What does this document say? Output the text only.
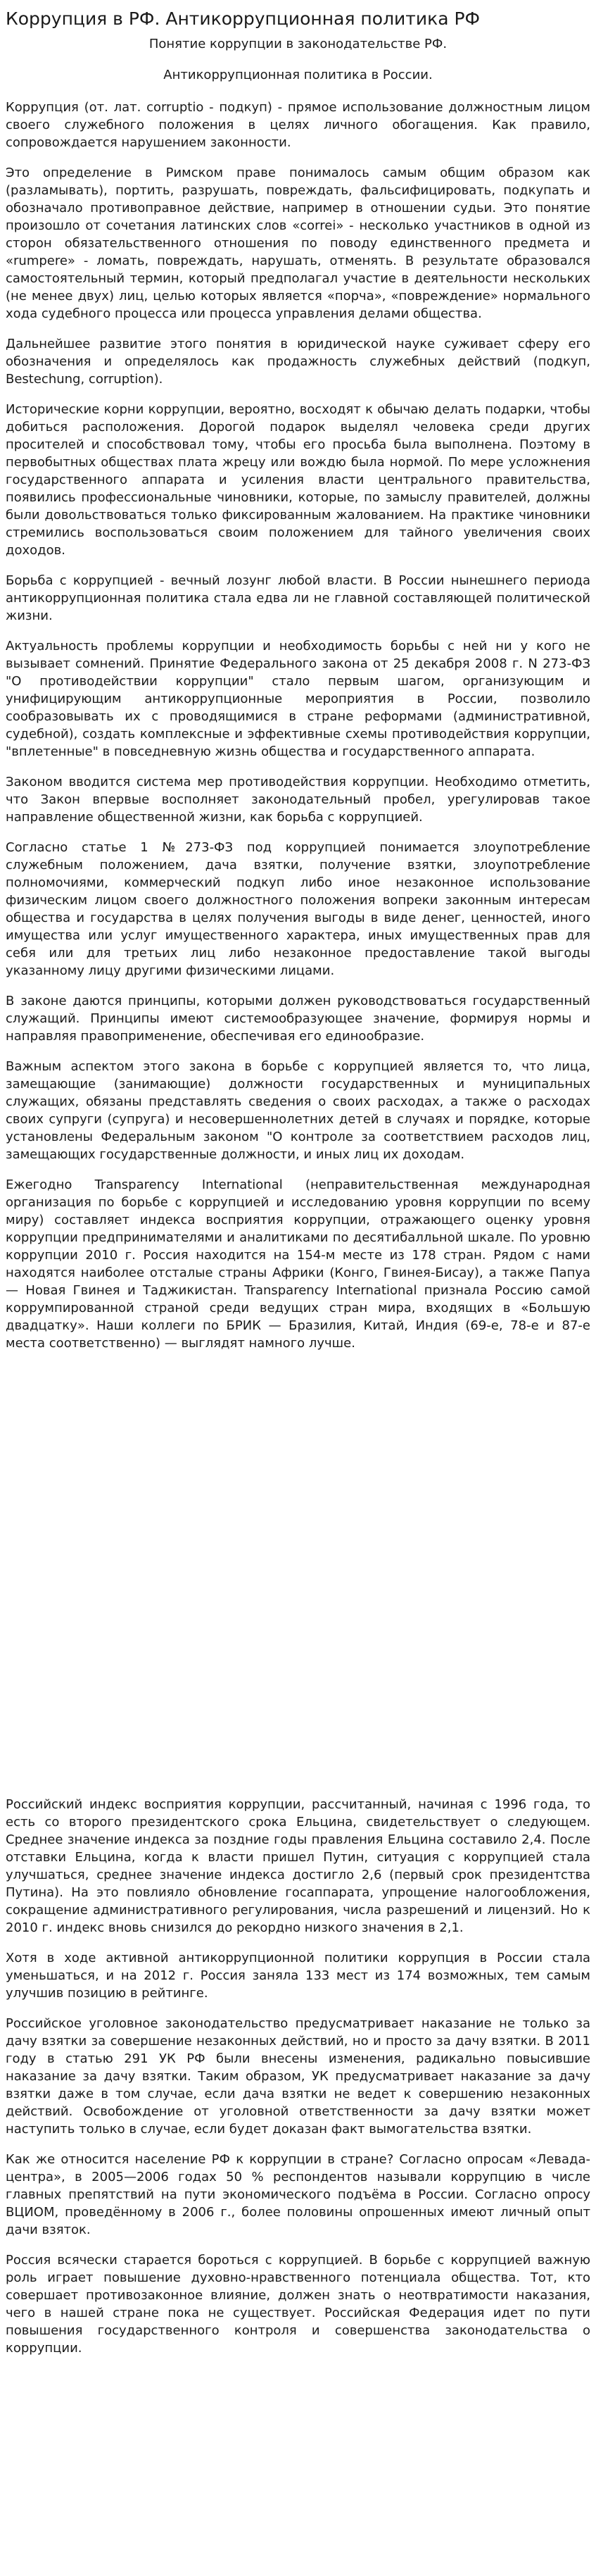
Коррупция в РФ. Антикоррупционная политика РФ
Понятие коррупции в законодательстве РФ.
Антикоррупционная политика в России.

Коррупция (от. лат. corruptio - подкуп) - прямое использование должностным лицом своего служебного положения в целях личного обогащения. Как правило, сопровождается нарушением законности.

Это определение в Римском праве понималось самым общим образом как (разламывать), портить, разрушать, повреждать, фальсифицировать, подкупать и обозначало противоправное действие, например в отношении судьи. Это понятие произошло от сочетания латинских слов «correi» - несколько участников в одной из сторон обязательственного отношения по поводу единственного предмета и «rumpere» - ломать, повреждать, нарушать, отменять. В результате образовался самостоятельный термин, который предполагал участие в деятельности нескольких (не менее двух) лиц, целью которых является «порча», «повреждение» нормального хода судебного процесса или процесса управления делами общества.

Дальнейшее развитие этого понятия в юридической науке суживает сферу его обозначения и определялось как продажность служебных действий (подкуп, Bestechung, corruption).

Исторические корни коррупции, вероятно, восходят к обычаю делать подарки, чтобы добиться расположения. Дорогой подарок выделял человека среди других просителей и способствовал тому, чтобы его просьба была выполнена. Поэтому в первобытных обществах плата жрецу или вождю была нормой. По мере усложнения государственного аппарата и усиления власти центрального правительства, появились профессиональные чиновники, которые, по замыслу правителей, должны были довольствоваться только фиксированным жалованием. На практике чиновники стремились воспользоваться своим положением для тайного увеличения своих доходов.

Борьба с коррупцией - вечный лозунг любой власти. В России нынешнего периода антикоррупционная политика стала едва ли не главной составляющей политической жизни.

Актуальность проблемы коррупции и необходимость борьбы с ней ни у кого не вызывает сомнений. Принятие Федерального закона от 25 декабря 2008 г. N 273-ФЗ "О противодействии коррупции" стало первым шагом, организующим и унифицирующим антикоррупционные мероприятия в России, позволило сообразовывать их с проводящимися в стране реформами (административной, судебной), создать комплексные и эффективные схемы противодействия коррупции, "вплетенные" в повседневную жизнь общества и государственного аппарата.

Законом вводится система мер противодействия коррупции. Необходимо отметить, что Закон впервые восполняет законодательный пробел, урегулировав такое направление общественной жизни, как борьба с коррупцией.

Согласно статье 1 №273-ФЗ под коррупцией понимается злоупотребление служебным положением, дача взятки, получение взятки, злоупотребление полномочиями, коммерческий подкуп либо иное незаконное использование физическим лицом своего должностного положения вопреки законным интересам общества и государства в целях получения выгоды в виде денег, ценностей, иного имущества или услуг имущественного характера, иных имущественных прав для себя или для третьих лиц либо незаконное предоставление такой выгоды указанному лицу другими физическими лицами.

В законе даются принципы, которыми должен руководствоваться государственный служащий. Принципы имеют системообразующее значение, формируя нормы и направляя правоприменение, обеспечивая его единообразие.

Важным аспектом этого закона в борьбе с коррупцией является то, что лица, замещающие (занимающие) должности государственных и муниципальных служащих, обязаны представлять сведения о своих расходах, а также о расходах своих супруги (супруга) и несовершеннолетних детей в случаях и порядке, которые установлены Федеральным законом "О контроле за соответствием расходов лиц, замещающих государственные должности, и иных лиц их доходам.

Ежегодно Transparency International (неправительственная международная организация по борьбе с коррупцией и исследованию уровня коррупции по всему миру) составляет индекса восприятия коррупции, отражающего оценку уровня коррупции предпринимателями и аналитиками по десятибалльной шкале. По уровню коррупции 2010 г. Россия находится на 154-м месте из 178 стран. Рядом с нами находятся наиболее отсталые страны Африки (Конго, Гвинея-Бисау), а также Папуа — Новая Гвинея и Таджикистан. Transparency International признала Россию самой коррумпированной страной среди ведущих стран мира, входящих в «Большую двадцатку». Наши коллеги по БРИК — Бразилия, Китай, Индия (69-е, 78-е и 87-е места соответственно) — выглядят намного лучше.

Российский индекс восприятия коррупции, рассчитанный, начиная с 1996 года, то есть со второго президентского срока Ельцина, свидетельствует о следующем. Среднее значение индекса за поздние годы правления Ельцина составило 2,4. После отставки Ельцина, когда к власти пришел Путин, ситуация с коррупцией стала улучшаться, среднее значение индекса достигло 2,6 (первый срок президентства Путина). На это повлияло обновление госаппарата, упрощение налогообложения, сокращение административного регулирования, числа разрешений и лицензий. Но к 2010 г. индекс вновь снизился до рекордно низкого значения в 2,1.

Хотя в ходе активной антикоррупционной политики коррупция в России стала уменьшаться, и на 2012 г. Россия заняла 133 мест из 174 возможных, тем самым улучшив позицию в рейтинге.

Российское уголовное законодательство предусматривает наказание не только за дачу взятки за совершение незаконных действий, но и просто за дачу взятки. В 2011 году в статью 291 УК РФ были внесены изменения, радикально повысившие наказание за дачу взятки. Таким образом, УК предусматривает наказание за дачу взятки даже в том случае, если дача взятки не ведет к совершению незаконных действий. Освобождение от уголовной ответственности за дачу взятки может наступить только в случае, если будет доказан факт вымогательства взятки.

Как же относится население РФ к коррупции в стране? Согласно опросам «Левада-центра», в 2005—2006 годах 50 % респондентов называли коррупцию в числе главных препятствий на пути экономического подъёма в России. Согласно опросу ВЦИОМ, проведённому в 2006 г., более половины опрошенных имеют личный опыт дачи взяток.

Россия всячески старается бороться с коррупцией. В борьбе с коррупцией важную роль играет повышение духовно-нравственного потенциала общества. Тот, кто совершает противозаконное влияние, должен знать о неотвратимости наказания, чего в нашей стране пока не существует. Российская Федерация идет по пути повышения государственного контроля и совершенства законодательства о коррупции.
